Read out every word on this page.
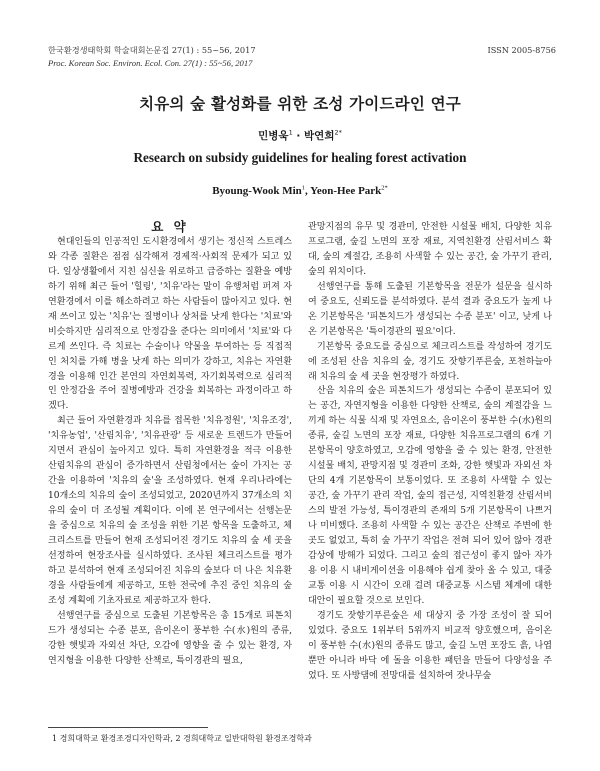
한국환경생태학회 학술대회논문집 27(1) : 55~56, 2017	ISSN 2005-8756
Proc. Korean Soc. Environ. Ecol. Con. 27(1) : 55~56, 2017
치유의 숲 활성화를 위한 조성 가이드라인 연구
민병욱$^1$ · 박연희$^{2*}$
Research on subsidy guidelines for healing forest activation
Byoung-Wook Min$^1$, Yeon-Hee Park$^{2*}$

요 약

현대인들의 인공적인 도시환경에서 생기는 정신적 스트레스와 각종 질환은 점점 심각해져 경제적·사회적 문제가 되고 있다. 일상생활에서 지친 심신을 위로하고 급증하는 질환을 예방하기 위해 최근 들어 '힐링', '치유'라는 말이 유행처럼 퍼져 자연환경에서 이를 해소하려고 하는 사람들이 많아지고 있다. 현재 쓰이고 있는 '치유'는 질병이나 상처를 낫게 한다는 '치료'와 비슷하지만 심리적으로 안정감을 준다는 의미에서 '치료'와 다르게 쓰인다. 즉 치료는 수술이나 약물을 투여하는 등 직접적인 처치를 가해 병을 낫게 하는 의미가 강하고, 치유는 자연환경을 이용해 인간 본연의 자연회복력, 자기회복력으로 심리적인 안정감을 주어 질병예방과 건강을 회복하는 과정이라고 하겠다.

최근 들어 자연환경과 치유를 접목한 '치유정원', '치유조경', '치유농업', '산림치유', '치유관광' 등 새로운 트렌드가 만들어지면서 관심이 높아지고 있다. 특히 자연환경을 적극 이용한 산림치유의 관심이 증가하면서 산림청에서는 숲이 가지는 공간을 이용하여 '치유의 숲'을 조성하였다. 현재 우리나라에는 10개소의 치유의 숲이 조성되었고, 2020년까지 37개소의 치유의 숲이 더 조성될 계획이다. 이에 본 연구에서는 선행논문을 중심으로 치유의 숲 조성을 위한 기본 항목을 도출하고, 체크리스트를 만들어 현재 조성되어진 경기도 치유의 숲 세 곳을 선정하여 현장조사를 실시하였다. 조사된 체크리스트를 평가하고 분석하여 현재 조성되어진 치유의 숲보다 더 나은 치유환경을 사람들에게 제공하고, 또한 전국에 추진 중인 치유의 숲 조성 계획에 기초자료로 제공하고자 한다.

선행연구를 중심으로 도출된 기본항목은 총 15개로 피톤치드가 생성되는 수종 분포, 음이온이 풍부한 수(水)원의 종류, 강한 햇빛과 자외선 차단, 오감에 영향을 줄 수 있는 환경, 자연지형을 이용한 다양한 산책로, 특이경관의 필요,

관망지점의 유무 및 경관미, 안전한 시설물 배치, 다양한 치유프로그램, 숲길 노면의 포장 재료, 지역친환경 산림서비스 확대, 숲의 계절감, 조용히 사색할 수 있는 공간, 숲 가꾸기 관리, 숲의 위치이다.

선행연구를 통해 도출된 기본항목을 전문가 설문을 실시하여 중요도, 신뢰도를 분석하였다. 분석 결과 중요도가 높게 나온 기본항목은 '피톤치드가 생성되는 수종 분포' 이고, 낮게 나온 기본항목은 '특이경관의 필요'이다.

기본항목 중요도를 중심으로 체크리스트를 작성하여 경기도에 조성된 산음 치유의 숲, 경기도 잣향기푸른숲, 포천하늘아래 치유의 숲 세 곳을 현장평가 하였다.

산음 치유의 숲은 피톤치드가 생성되는 수종이 분포되어 있는 공간, 자연지형을 이용한 다양한 산책로, 숲의 계절감을 느끼게 하는 식물 식재 및 자연요소, 음이온이 풍부한 수(水)원의 종류, 숲길 노면의 포장 재료, 다양한 치유프로그램의 6개 기본항목이 양호하였고, 오감에 영향을 줄 수 있는 환경, 안전한 시설물 배치, 관망지점 및 경관미 조화, 강한 햇빛과 자외선 차단의 4개 기본항목이 보통이었다. 또 조용히 사색할 수 있는 공간, 숲 가꾸기 관리 작업, 숲의 접근성, 지역친환경 산림서비스의 발전 가능성, 특이경관의 존재의 5개 기본항목이 나쁘거나 미비했다. 조용히 사색할 수 있는 공간은 산책로 주변에 한 곳도 없었고, 특히 숲 가꾸기 작업은 전혀 되어 있어 않아 경관감상에 방해가 되었다. 그리고 숲의 접근성이 좋지 않아 자가용 이용 시 내비게이션을 이용해야 쉽게 찾아 올 수 있고, 대중교통 이용 시 시간이 오래 걸려 대중교통 시스템 체계에 대한 대안이 필요할 것으로 보인다.

경기도 잣향기푸른숲은 세 대상지 중 가장 조성이 잘 되어 있었다. 중요도 1위부터 5위까지 비교적 양호했으며, 음이온이 풍부한 수(水)원의 종류도 많고, 숲길 노면 포장도 흙, 나엽뿐만 아니라 바닥 에 돌을 이용한 패턴을 만들어 다양성을 주었다. 또 사방댐에 전망대를 설치하여 잣나무숲

1 경희대학교 환경조경디자인학과, 2 경희대학교 일반대학원 환경조경학과
